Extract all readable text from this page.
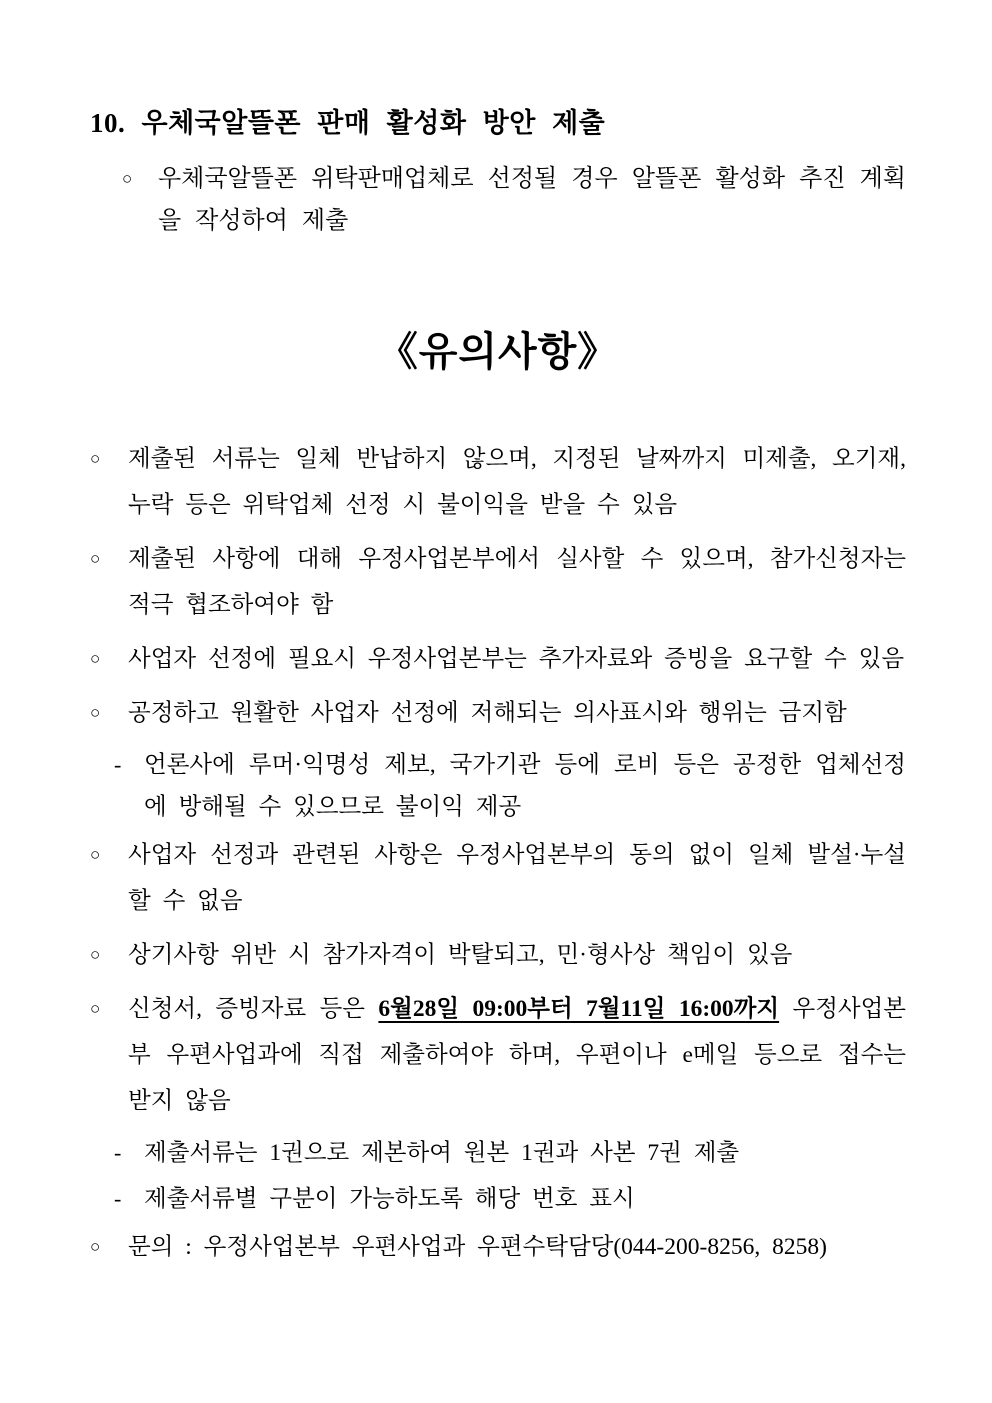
10. 우체국알뜰폰 판매 활성화 방안 제출
○	우체국알뜰폰 위탁판매업체로 선정될 경우 알뜰폰 활성화 추진 계획을 작성하여 제출
《유의사항》
○	제출된 서류는 일체 반납하지 않으며, 지정된 날짜까지 미제출, 오기재, 누락 등은 위탁업체 선정 시 불이익을 받을 수 있음
○	제출된 사항에 대해 우정사업본부에서 실사할 수 있으며, 참가신청자는 적극 협조하여야 함
○	사업자 선정에 필요시 우정사업본부는 추가자료와 증빙을 요구할 수 있음
○	공정하고 원활한 사업자 선정에 저해되는 의사표시와 행위는 금지함
- 언론사에 루머·익명성 제보, 국가기관 등에 로비 등은 공정한 업체선정에 방해될 수 있으므로 불이익 제공
○	사업자 선정과 관련된 사항은 우정사업본부의 동의 없이 일체 발설·누설할 수 없음
○	상기사항 위반 시 참가자격이 박탈되고, 민·형사상 책임이 있음
○	신청서, 증빙자료 등은 6월28일 09:00부터 7월11일 16:00까지 우정사업본부 우편사업과에 직접 제출하여야 하며, 우편이나 e메일 등으로 접수는 받지 않음
- 제출서류는 1권으로 제본하여 원본 1권과 사본 7권 제출
- 제출서류별 구분이 가능하도록 해당 번호 표시
○	문의 : 우정사업본부 우편사업과 우편수탁담당(044-200-8256, 8258)
